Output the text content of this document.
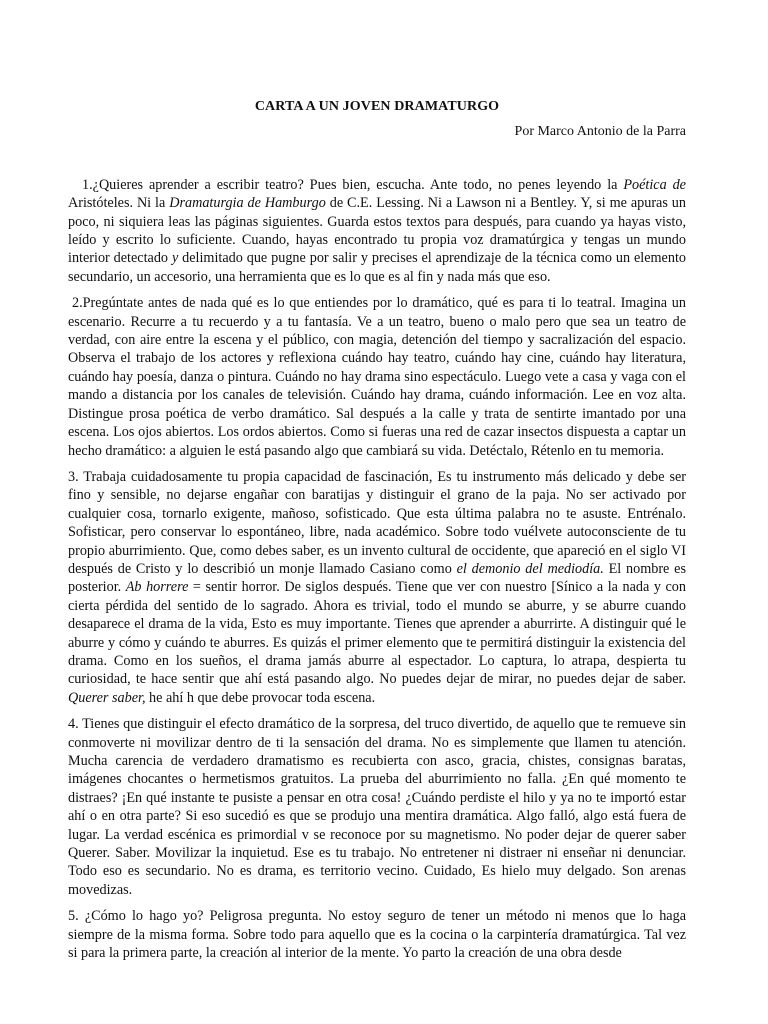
CARTA A UN JOVEN DRAMATURGO
Por Marco Antonio de la Parra

1.¿Quieres aprender a escribir teatro? Pues bien, escucha. Ante todo, no penes leyendo la Poética de Aristóteles. Ni la Dramaturgia de Hamburgo de C.E. Lessing. Ni a Lawson ni a Bentley. Y, si me apuras un poco, ni siquiera leas las páginas siguientes. Guarda estos textos para después, para cuando ya hayas visto, leído y escrito lo suficiente. Cuando, hayas encontrado tu propia voz dramatúrgica y tengas un mundo interior detectado y delimitado que pugne por salir y precises el aprendizaje de la técnica como un elemento secundario, un accesorio, una herramienta que es lo que es al fin y nada más que eso.

2.Pregúntate antes de nada qué es lo que entiendes por lo dramático, qué es para ti lo teatral. Imagina un escenario. Recurre a tu recuerdo y a tu fantasía. Ve a un teatro, bueno o malo pero que sea un teatro de verdad, con aire entre la escena y el público, con magia, detención del tiempo y sacralización del espacio. Observa el trabajo de los actores y reflexiona cuándo hay teatro, cuándo hay cine, cuándo hay literatura, cuándo hay poesía, danza o pintura. Cuándo no hay drama sino espectáculo. Luego vete a casa y vaga con el mando a distancia por los canales de televisión. Cuándo hay drama, cuándo información. Lee en voz alta. Distingue prosa poética de verbo dramático. Sal después a la calle y trata de sentirte imantado por una escena. Los ojos abiertos. Los ordos abiertos. Como si fueras una red de cazar insectos dispuesta a captar un hecho dramático: a alguien le está pasando algo que cambiará su vida. Detéctalo, Rétenlo en tu memoria.

3. Trabaja cuidadosamente tu propia capacidad de fascinación, Es tu instrumento más delicado y debe ser fino y sensible, no dejarse engañar con baratijas y distinguir el grano de la paja. No ser activado por cualquier cosa, tornarlo exigente, mañoso, sofisticado. Que esta última palabra no te asuste. Entrénalo. Sofisticar, pero conservar lo espontáneo, libre, nada académico. Sobre todo vuélvete autoconsciente de tu propio aburrimiento. Que, como debes saber, es un invento cultural de occidente, que apareció en el siglo VI después de Cristo y lo describió un monje llamado Casiano como el demonio del mediodía. El nombre es posterior. Ab horrere = sentir horror. De siglos después. Tiene que ver con nuestro [Sínico a la nada y con cierta pérdida del sentido de lo sagrado. Ahora es trivial, todo el mundo se aburre, y se aburre cuando desaparece el drama de la vida, Esto es muy importante. Tienes que aprender a aburrirte. A distinguir qué le aburre y cómo y cuándo te aburres. Es quizás el primer elemento que te permitirá distinguir la existencia del drama. Como en los sueños, el drama jamás aburre al espectador. Lo captura, lo atrapa, despierta tu curiosidad, te hace sentir que ahí está pasando algo. No puedes dejar de mirar, no puedes dejar de saber. Querer saber, he ahí h que debe provocar toda escena.

4. Tienes que distinguir el efecto dramático de la sorpresa, del truco divertido, de aquello que te remueve sin conmoverte ni movilizar dentro de ti la sensación del drama. No es simplemente que llamen tu atención. Mucha carencia de verdadero dramatismo es recubierta con asco, gracia, chistes, consignas baratas, imágenes chocantes o hermetismos gratuitos. La prueba del aburrimiento no falla. ¿En qué momento te distraes? ¡En qué instante te pusiste a pensar en otra cosa! ¿Cuándo perdiste el hilo y ya no te importó estar ahí o en otra parte? Si eso sucedió es que se produjo una mentira dramática. Algo falló, algo está fuera de lugar. La verdad escénica es primordial v se reconoce por su magnetismo. No poder dejar de querer saber Querer. Saber. Movilizar la inquietud. Ese es tu trabajo. No entretener ni distraer ni enseñar ni denunciar. Todo eso es secundario. No es drama, es territorio vecino. Cuidado, Es hielo muy delgado. Son arenas movedizas.

5. ¿Cómo lo hago yo? Peligrosa pregunta. No estoy seguro de tener un método ni menos que lo haga siempre de la misma forma. Sobre todo para aquello que es la cocina o la carpintería dramatúrgica. Tal vez si para la primera parte, la creación al interior de la mente. Yo parto la creación de una obra desde
